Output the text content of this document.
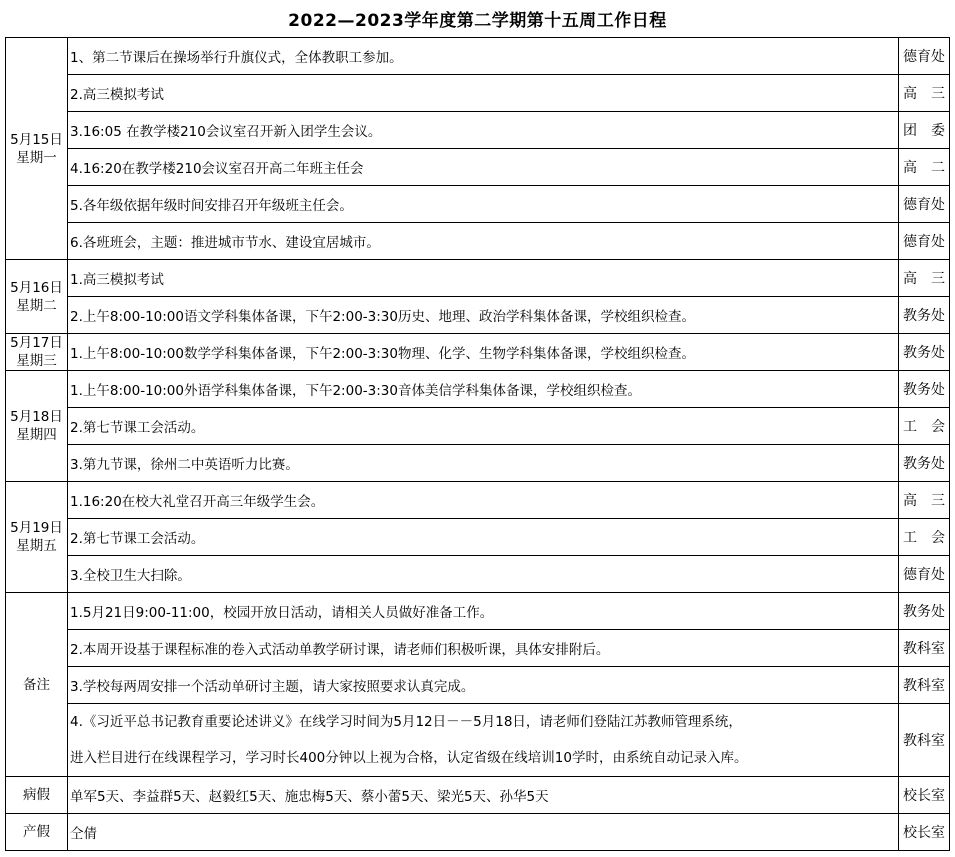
2022—2023学年度第二学期第十五周工作日程
5月15日
星期一	1、第二节课后在操场举行升旗仪式，全体教职工参加。	德育处
	2.高三模拟考试	高　三
	3.16:05 在教学楼210会议室召开新入团学生会议。	团　委
	4.16:20在教学楼210会议室召开高二年班主任会	高　二
	5.各年级依据年级时间安排召开年级班主任会。	德育处
	6.各班班会，主题：推进城市节水、建设宜居城市。	德育处
5月16日
星期二	1.高三模拟考试	高　三
	2.上午8:00-10:00语文学科集体备课，下午2:00-3:30历史、地理、政治学科集体备课，学校组织检查。	教务处
5月17日
星期三	1.上午8:00-10:00数学学科集体备课，下午2:00-3:30物理、化学、生物学科集体备课，学校组织检查。	教务处
5月18日
星期四	1.上午8:00-10:00外语学科集体备课，下午2:00-3:30音体美信学科集体备课，学校组织检查。	教务处
	2.第七节课工会活动。	工　会
	3.第九节课，徐州二中英语听力比赛。	教务处
5月19日
星期五	1.16:20在校大礼堂召开高三年级学生会。	高　三
	2.第七节课工会活动。	工　会
	3.全校卫生大扫除。	德育处
备注	1.5月21日9:00-11:00，校园开放日活动，请相关人员做好准备工作。	教务处
	2.本周开设基于课程标准的卷入式活动单教学研讨课，请老师们积极听课，具体安排附后。	教科室
	3.学校每两周安排一个活动单研讨主题，请大家按照要求认真完成。	教科室
	4.《习近平总书记教育重要论述讲义》在线学习时间为5月12日－－5月18日，请老师们登陆江苏教师管理系统，
进入栏目进行在线课程学习，学习时长400分钟以上视为合格，认定省级在线培训10学时，由系统自动记录入库。	教科室
病假	单军5天、李益群5天、赵毅红5天、施忠梅5天、蔡小蕾5天、梁光5天、孙华5天	校长室
产假	仝倩	校长室
